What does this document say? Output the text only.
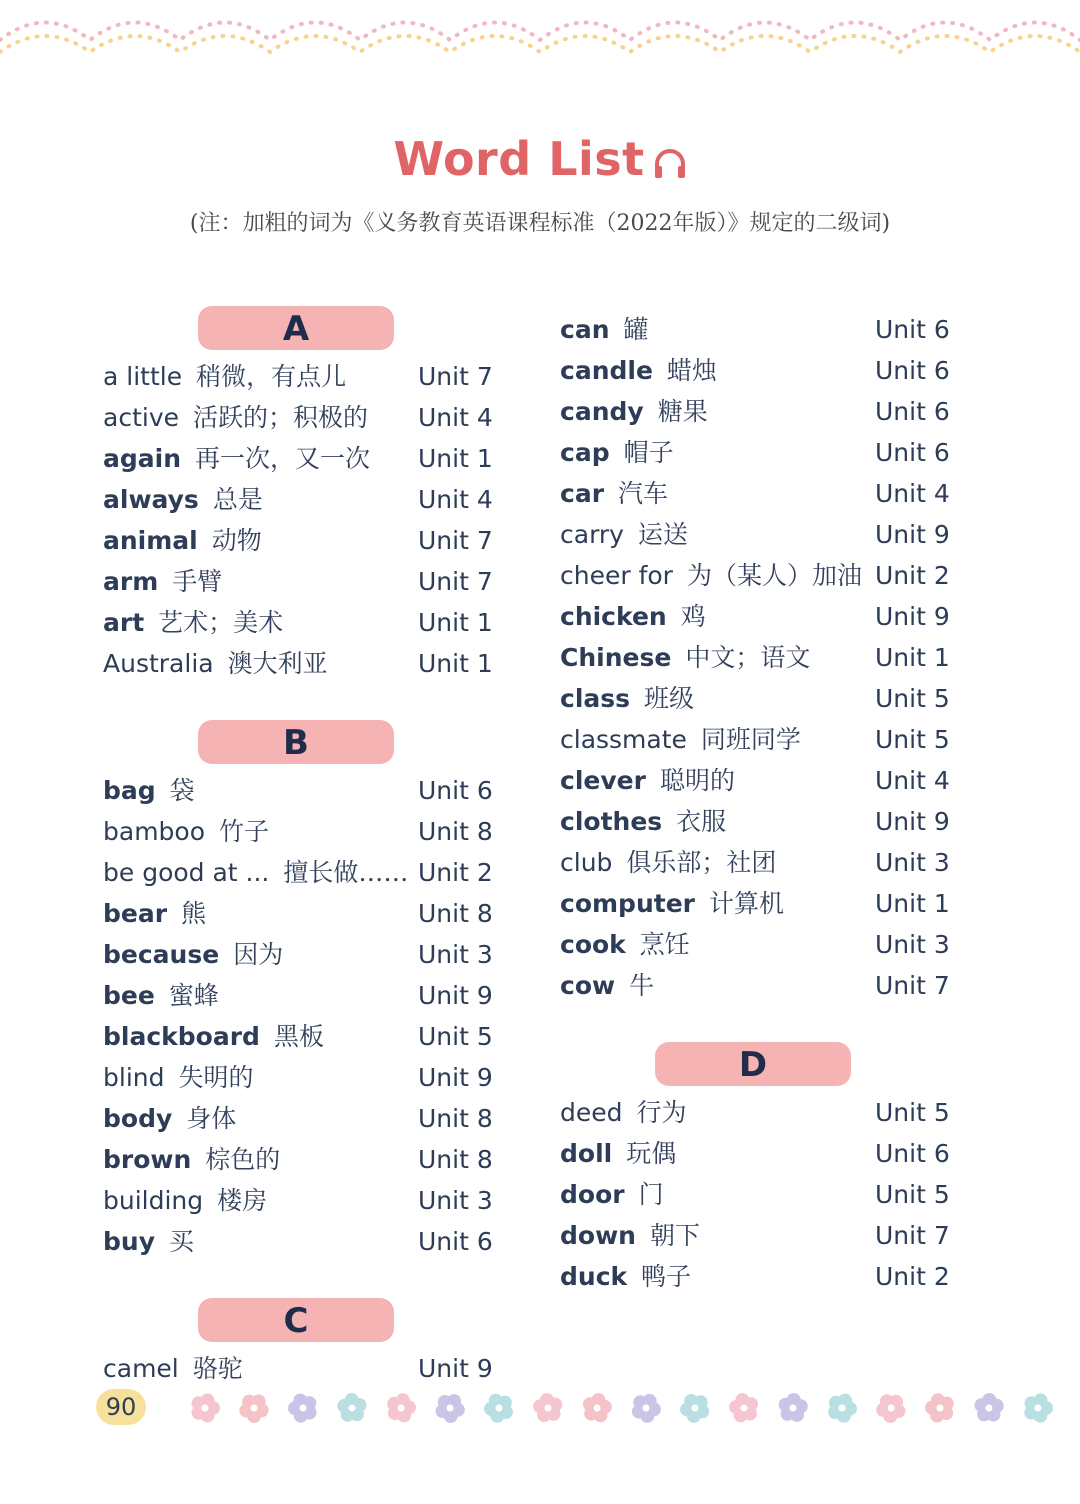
Word List
(注：加粗的词为《义务教育英语课程标准（2022年版）》规定的二级词)
A
a little 稍微，有点儿	Unit 7
active 活跃的；积极的 Unit 4
again 再一次，又一次 Unit 1
always 总是	Unit 4
animal 动物	Unit 7
arm 手臂	Unit 7
art 艺术；美术	Unit 1
Australia 澳大利亚	Unit 1
B
bag 袋	Unit 6
bamboo 竹子	Unit 8
be good at ... 擅长做…… Unit 2
bear 熊	Unit 8
because 因为	Unit 3
bee 蜜蜂	Unit 9
blackboard 黑板	Unit 5
blind 失明的	Unit 9
body 身体	Unit 8
brown 棕色的	Unit 8
building 楼房	Unit 3
buy 买	Unit 6
C
camel 骆驼	Unit 9
can 罐	Unit 6
candle 蜡烛	Unit 6
candy 糖果	Unit 6
cap 帽子	Unit 6
car 汽车	Unit 4
carry 运送	Unit 9
cheer for 为（某人）加油 Unit 2
chicken 鸡	Unit 9
Chinese 中文；语文	Unit 1
class 班级	Unit 5
classmate 同班同学	Unit 5
clever 聪明的	Unit 4
clothes 衣服	Unit 9
club 俱乐部；社团	Unit 3
computer 计算机	Unit 1
cook 烹饪	Unit 3
cow 牛	Unit 7
D
deed 行为	Unit 5
doll 玩偶	Unit 6
door 门	Unit 5
down 朝下	Unit 7
duck 鸭子	Unit 2
90
